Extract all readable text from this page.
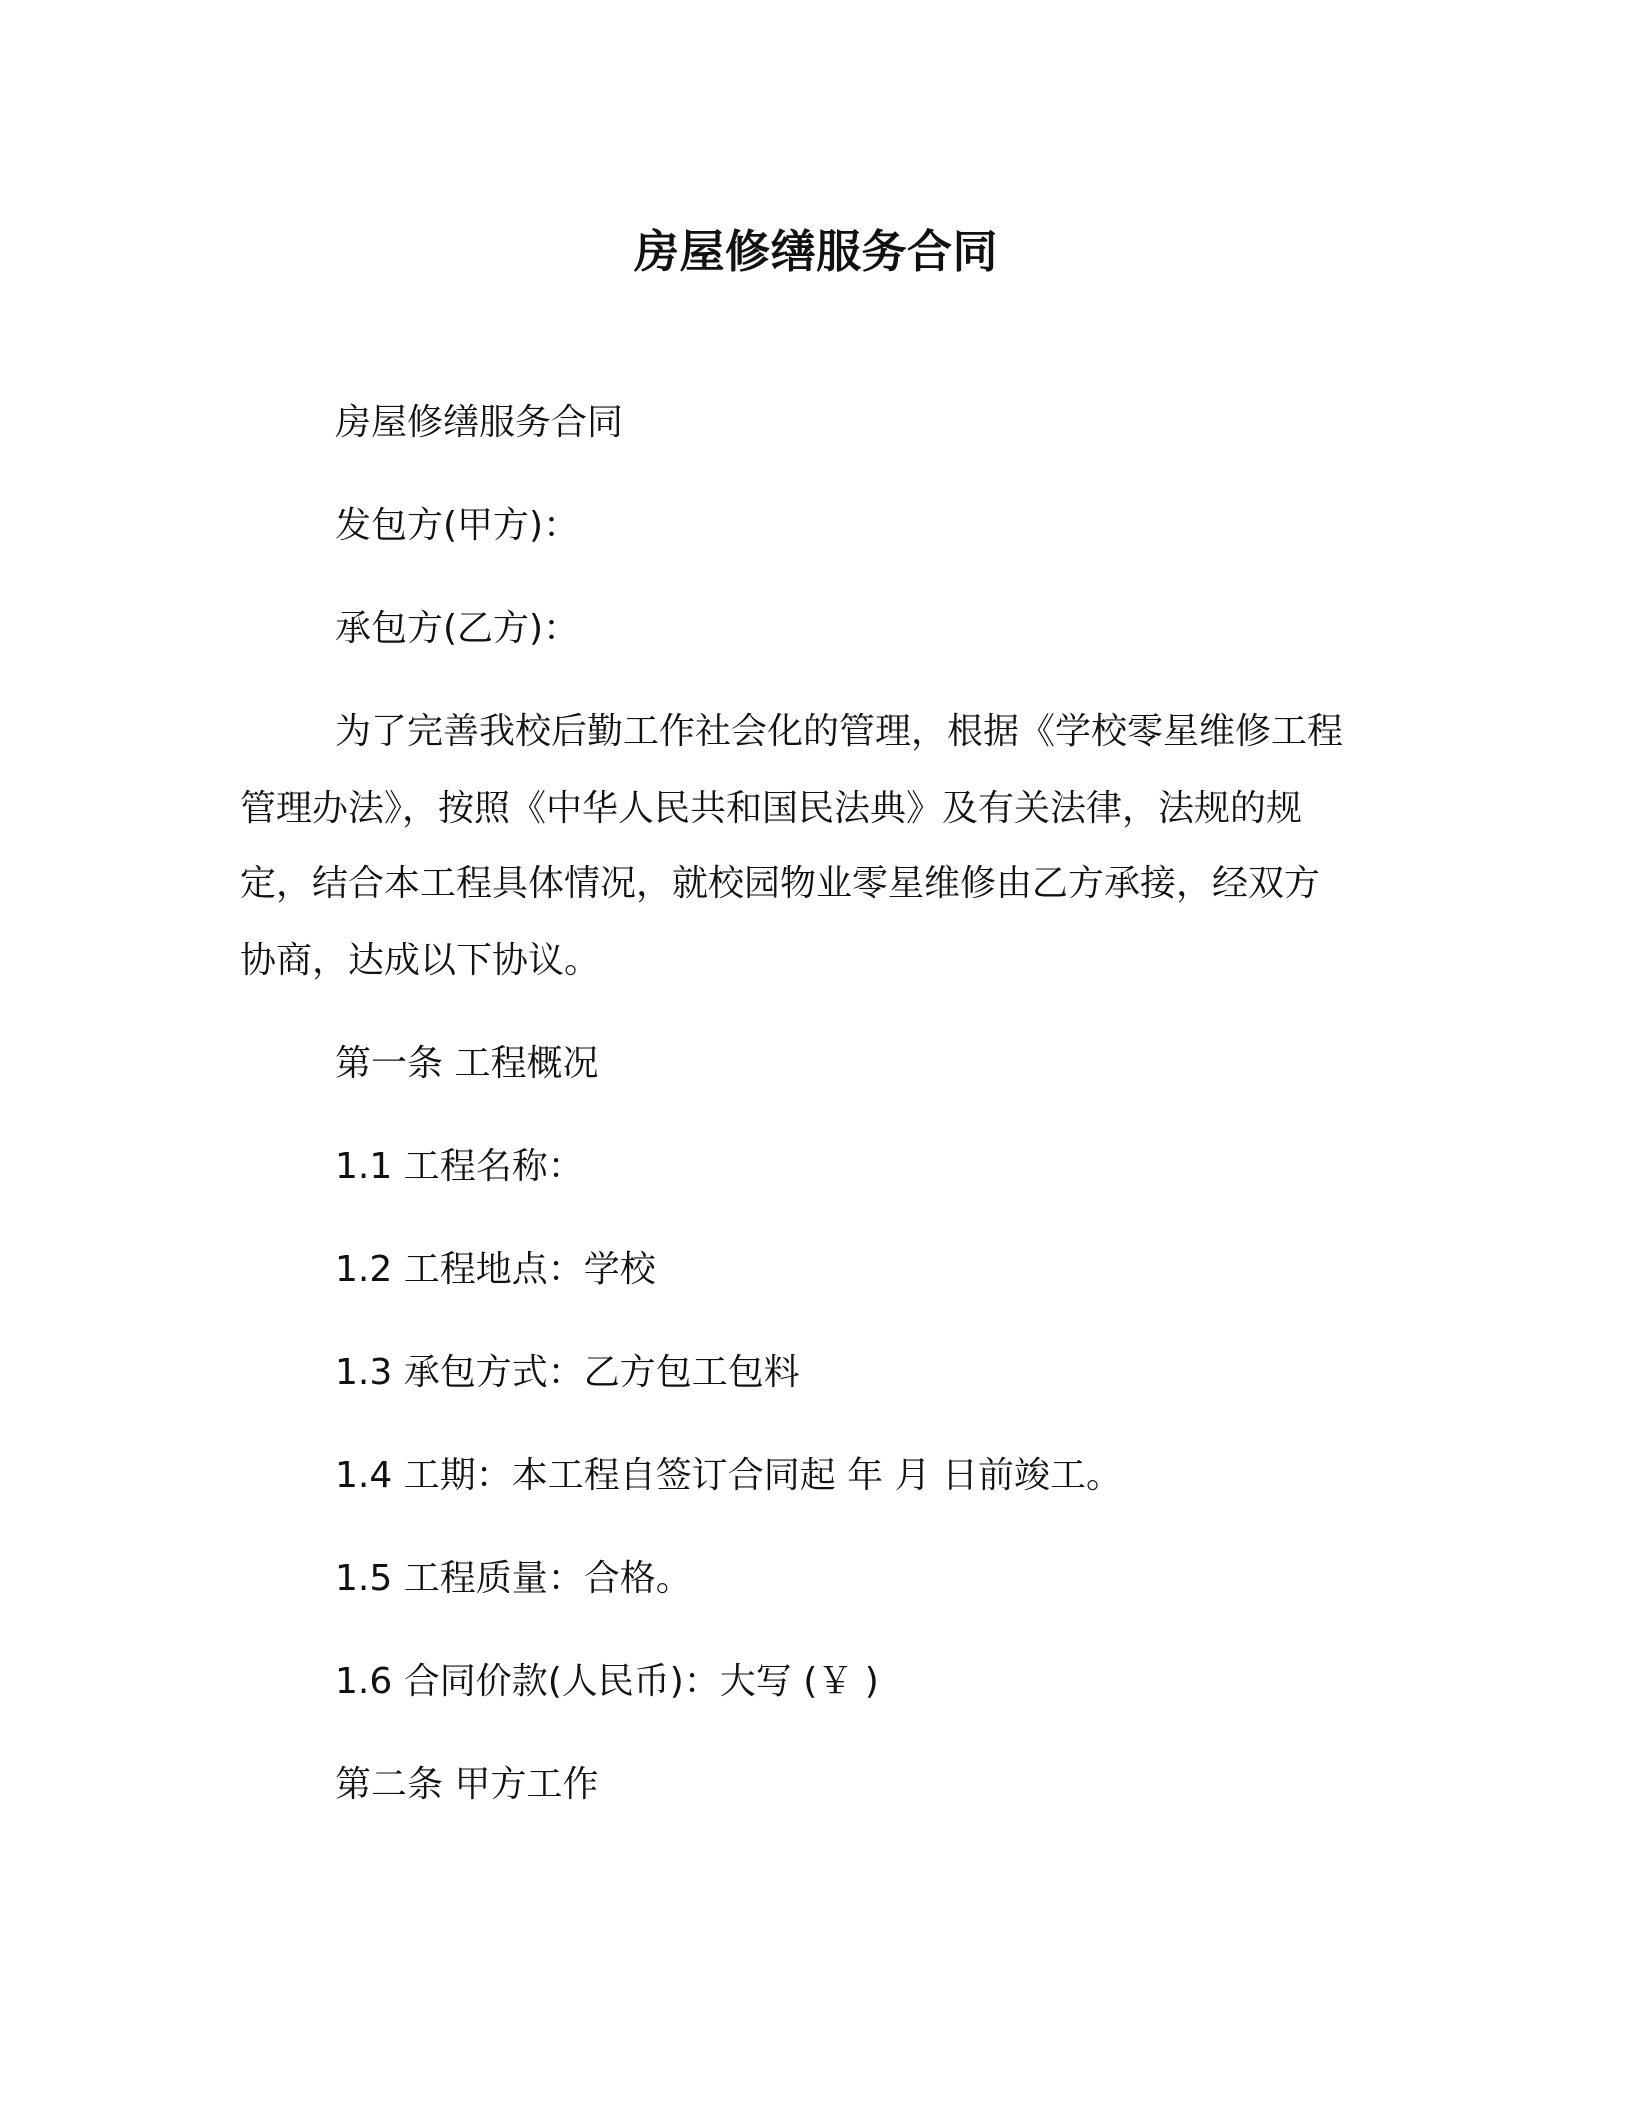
房屋修缮服务合同

房屋修缮服务合同

发包方(甲方)：

承包方(乙方)：

为了完善我校后勤工作社会化的管理，根据《学校零星维修工程

管理办法》，按照《中华人民共和国民法典》及有关法律，法规的规

定，结合本工程具体情况，就校园物业零星维修由乙方承接，经双方

协商，达成以下协议。

第一条 工程概况

1.1 工程名称：

1.2 工程地点：学校

1.3 承包方式：乙方包工包料

1.4 工期：本工程自签订合同起 年 月 日前竣工。

1.5 工程质量：合格。

1.6 合同价款(人民币)：大写 (￥ )

第二条 甲方工作
